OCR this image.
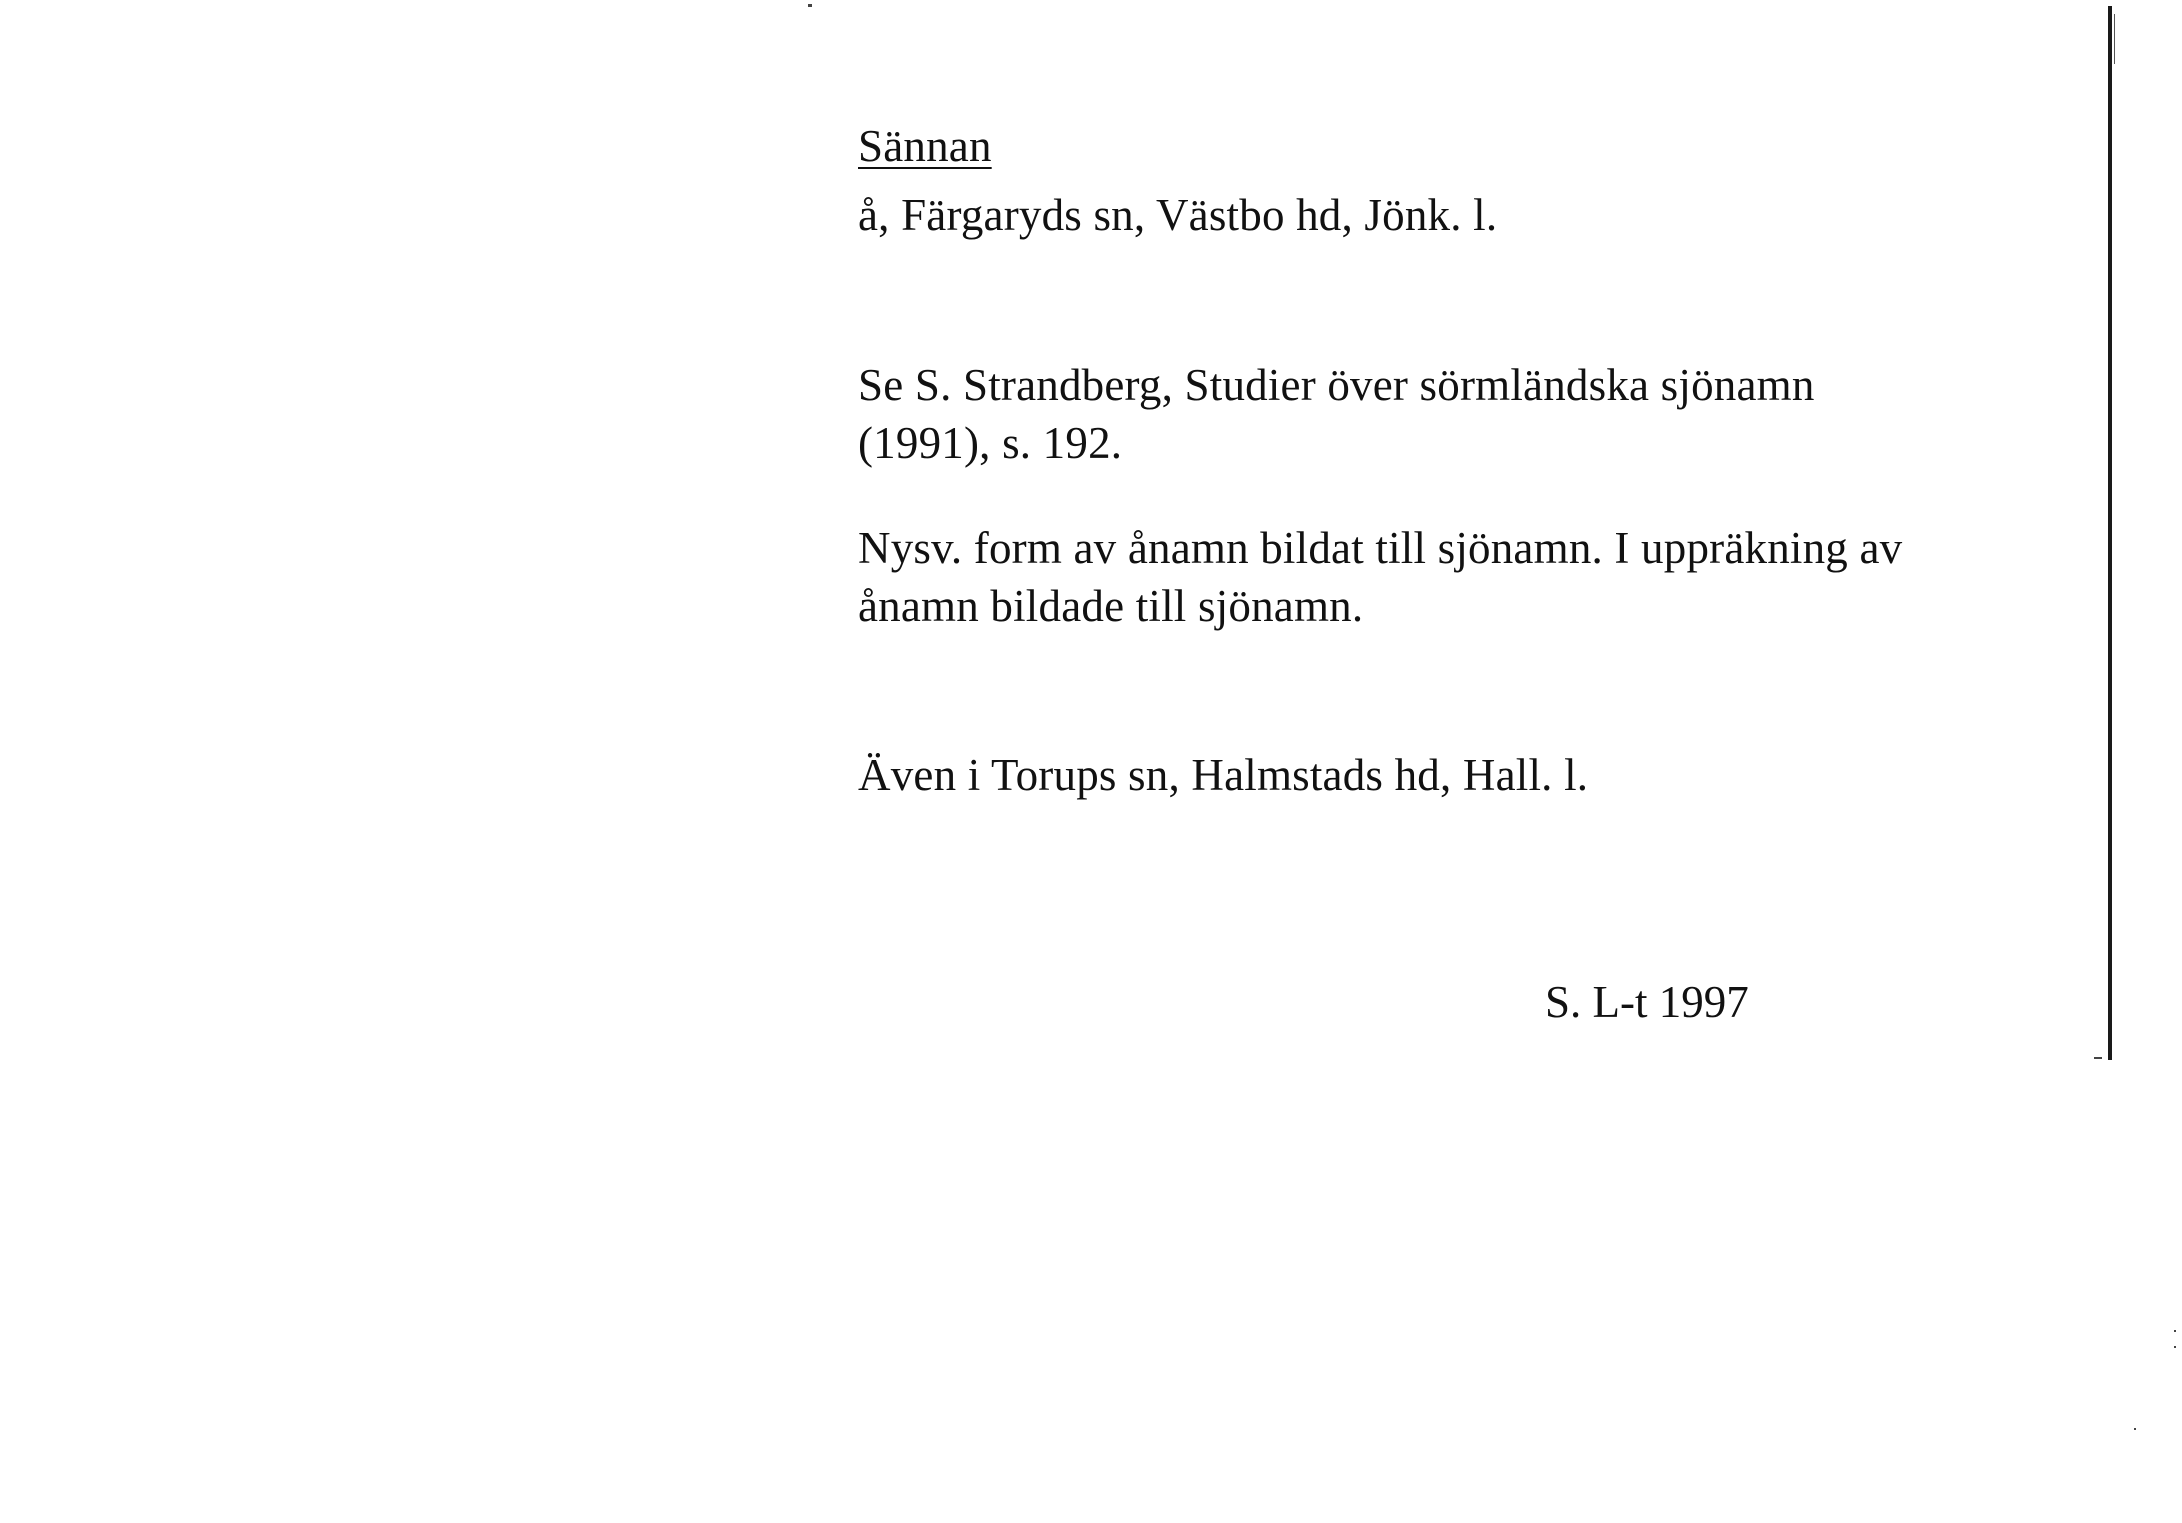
Sännan
å, Färgaryds sn, Västbo hd, Jönk. l.
Se S. Strandberg, Studier över sörmländska sjönamn
(1991), s. 192.
Nysv. form av ånamn bildat till sjönamn. I uppräkning av
ånamn bildade till sjönamn.
Även i Torups sn, Halmstads hd, Hall. l.
S. L-t 1997
